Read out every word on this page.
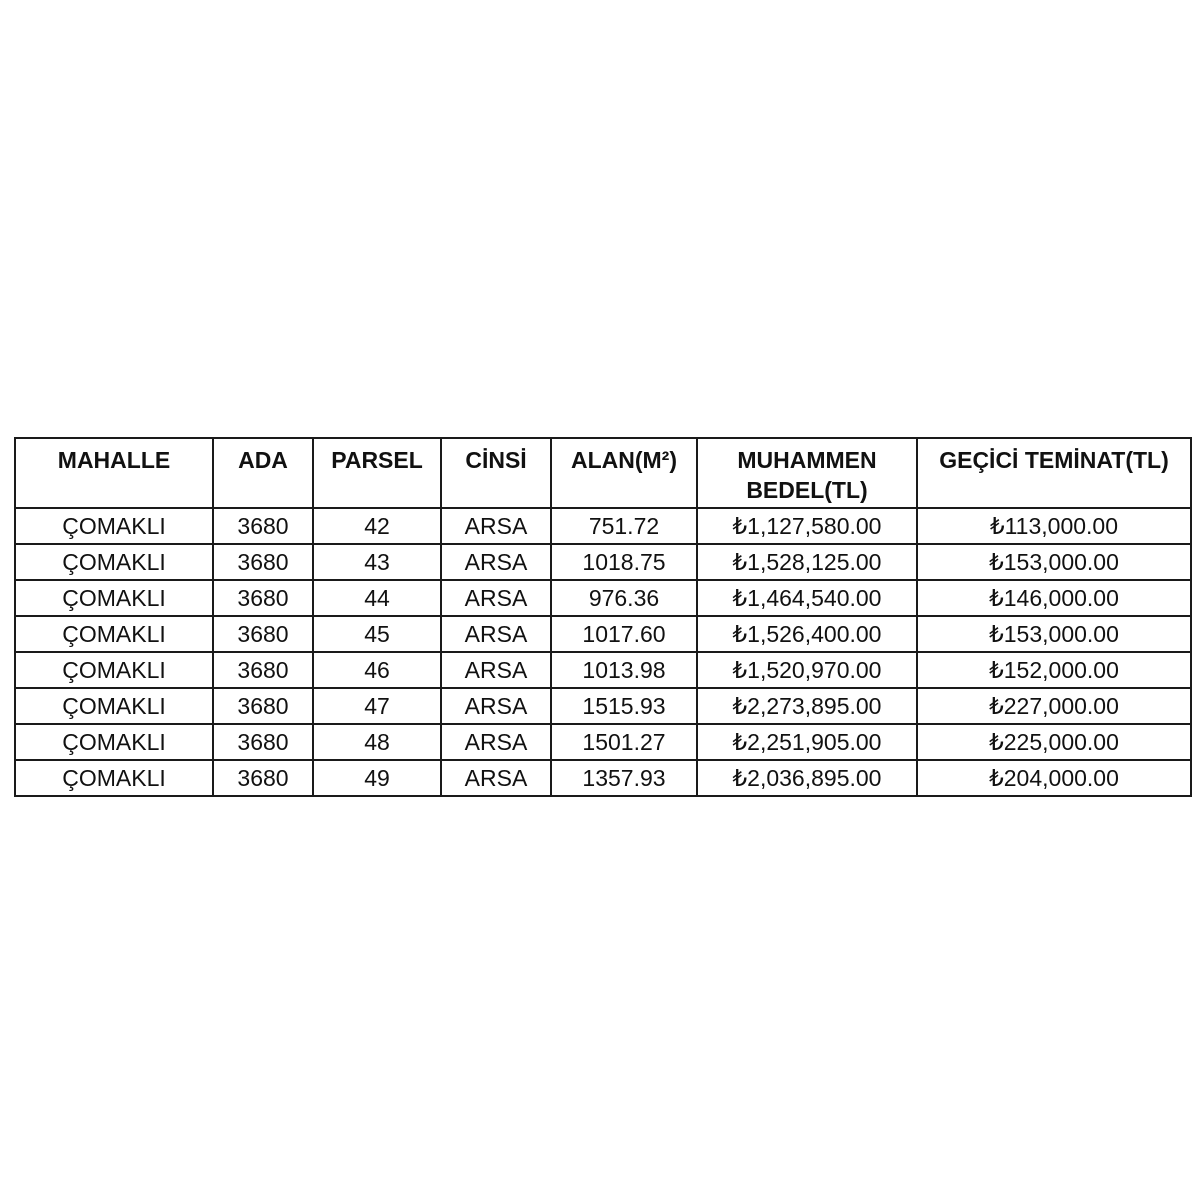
MAHALLE	ADA	PARSEL	CİNSİ	ALAN(M²)	MUHAMMEN BEDEL(TL)	GEÇİCİ TEMİNAT(TL)
ÇOMAKLI	3680	42	ARSA	751.72	₺1,127,580.00	₺113,000.00
ÇOMAKLI	3680	43	ARSA	1018.75	₺1,528,125.00	₺153,000.00
ÇOMAKLI	3680	44	ARSA	976.36	₺1,464,540.00	₺146,000.00
ÇOMAKLI	3680	45	ARSA	1017.60	₺1,526,400.00	₺153,000.00
ÇOMAKLI	3680	46	ARSA	1013.98	₺1,520,970.00	₺152,000.00
ÇOMAKLI	3680	47	ARSA	1515.93	₺2,273,895.00	₺227,000.00
ÇOMAKLI	3680	48	ARSA	1501.27	₺2,251,905.00	₺225,000.00
ÇOMAKLI	3680	49	ARSA	1357.93	₺2,036,895.00	₺204,000.00
